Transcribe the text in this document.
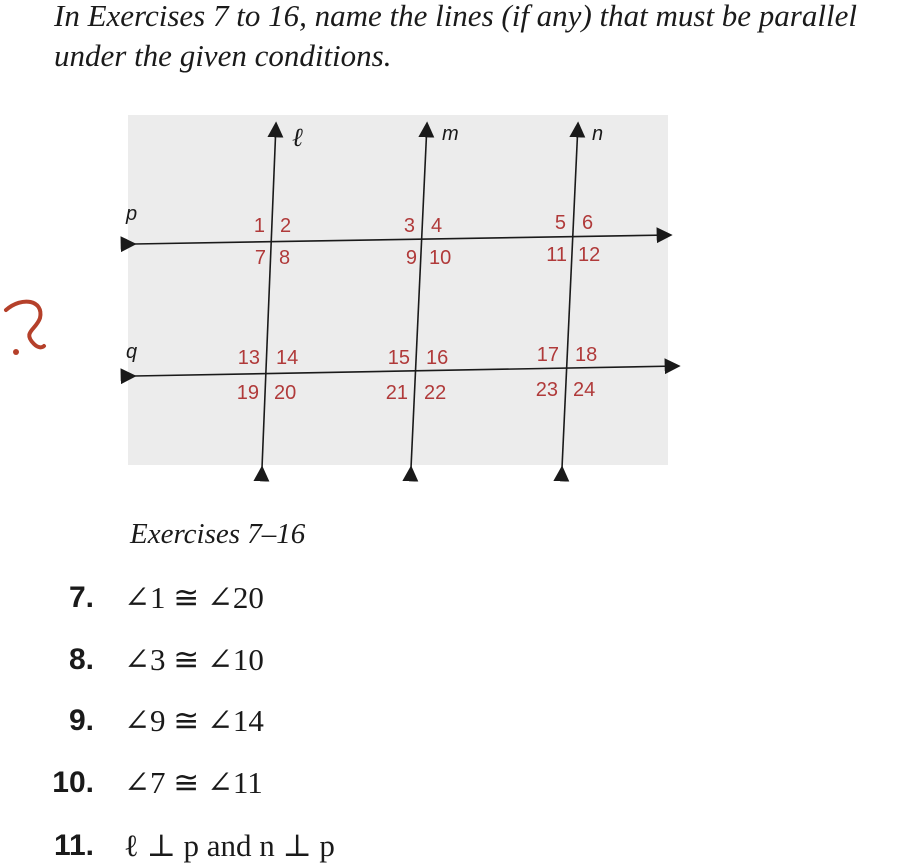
In Exercises 7 to 16, name the lines (if any) that must be parallel under the given conditions.

ℓ	m	n
p
q
1 2	3 4	5 6
7 8	9 10	11 12
13 14	15 16	17 18
19 20	21 22	23 24

Exercises 7–16

7. ∠1 ≅ ∠20
8. ∠3 ≅ ∠10
9. ∠9 ≅ ∠14
10. ∠7 ≅ ∠11
11. ℓ ⊥ p and n ⊥ p
